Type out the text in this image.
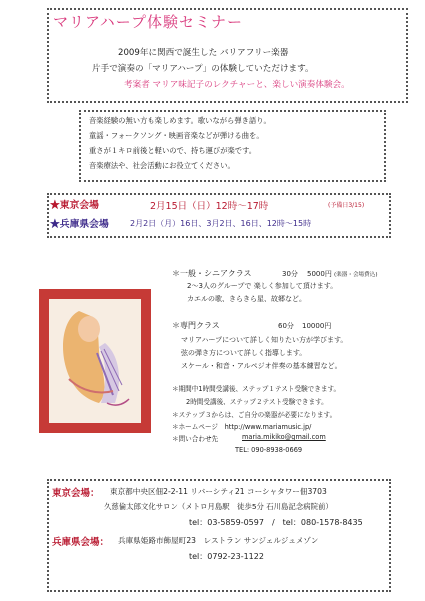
マリアハープ体験セミナー
2009年に関西で誕生した バリアフリー楽器
片手で演奏の「マリアハープ」の体験していただけます。
考案者 マリア味記子のレクチャーと、楽しい演奏体験会。
音楽経験の無い方も楽しめます。歌いながら弾き語り。
童謡・フォークソング・映画音楽などが弾ける曲を。
重さが１キロ前後と軽いので、持ち運びが楽です。
音楽療法や、社会活動にお役立てください。
★東京会場	2月15日（日）12時〜17時	(予備日3/15)
★兵庫県会場	2月2日（月）16日、3月2日、16日、12時〜15時
＊一般・シニアクラス	30分 5000円 (楽器・会場費込)
2〜3人のグループで 楽しく参加して頂けます。
カエルの歌、きらきら星、故郷など。
＊専門クラス	60分 10000円
マリアハープについて詳しく知りたい方が学びます。
弦の弾き方について詳しく指導します。
スケール・和音・アルペジオ伴奏の基本練習など。
＊期間中1時間受講後、ステップ１テスト受験できます。
2時間受講後、ステップ２テスト受験できます。
＊ステップ３からは、ご自分の楽器が必要になります。
＊ホームページ　http://www.mariamusic.jp/
＊問い合わせ先	maria.mikiko@gmail.com
TEL: 090-8938-0669
東京会場： 東京都中央区佃2-2-11 リバーシティ21 コーシャタワー佃3703
久慈倫太郎文化サロン（メトロ月島駅　徒歩5分 石川島記念病院前）
tel：03-5859-0597　/　tel：080-1578-8435
兵庫県会場： 兵庫県姫路市飾屋町23　レストラン サンジェルジュメゾン
tel：0792-23-1122
